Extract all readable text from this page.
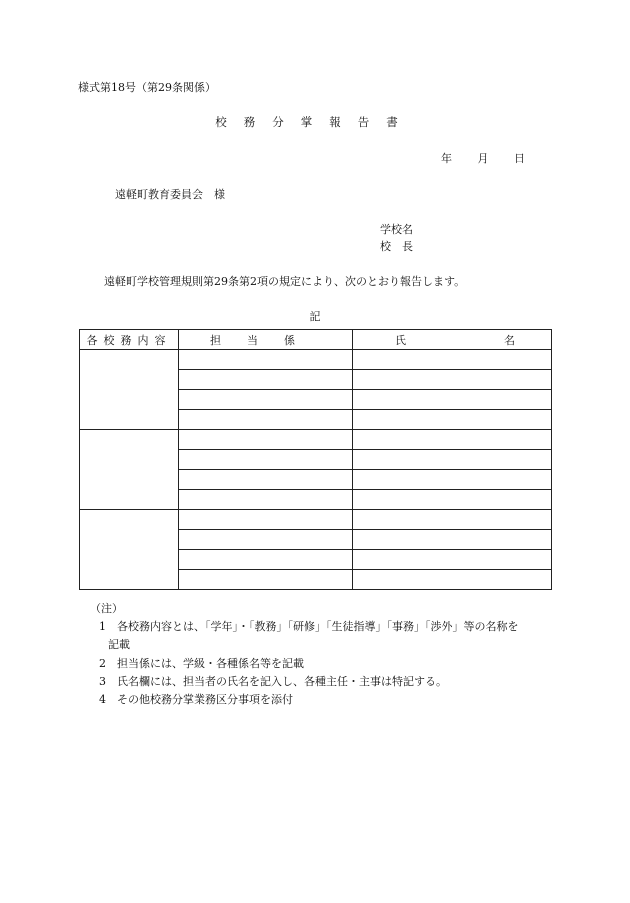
様式第18号（第29条関係）
校務分掌報告書
年 月 日
遠軽町教育委員会　様
学校名
校　長
遠軽町学校管理規則第29条第2項の規定により、次のとおり報告します。
記
各校務内容	担当係	氏 名

（注）
1 各校務内容とは、「学年」・「教務」「研修」「生徒指導」「事務」「渉外」等の名称を
記載
2 担当係には、学級・各種係名等を記載
3 氏名欄には、担当者の氏名を記入し、各種主任・主事は特記する。
4 その他校務分掌業務区分事項を添付
